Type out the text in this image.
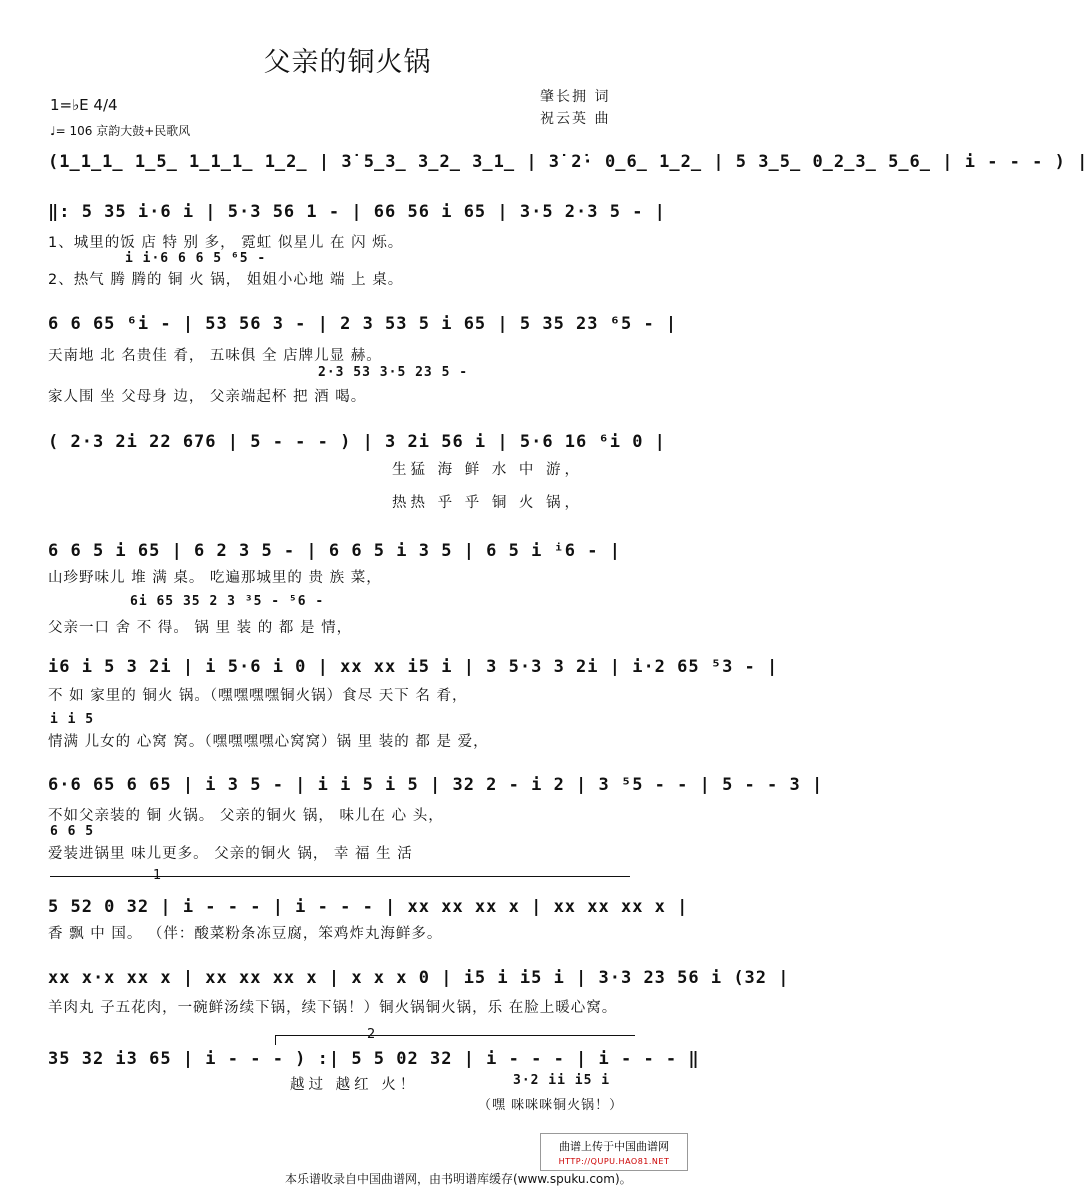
父亲的铜火锅
1=♭E 4/4
♩= 106 京韵大鼓+民歌风
肇长拥 词
祝云英 曲
(1̲1̲1̲ 1̲5̲ 1̲1̲1̲ 1̲2̲ | 3̇ 5̲3̲ 3̲2̲ 3̲1̲ | 3̇ 2̇· 0̲6̲ 1̲2̲ | 5 3̲5̲ 0̲2̲3̲ 5̲6̲ | i - - - ) |
‖: 5 35 i·6 i | 5·3 56 1 - | 66 56 i 65 | 3·5 2·3 5 - |
1、城里的饭 店 特 别 多， 霓虹 似星儿 在 闪 烁。
i i·6 6 6 5 ⁶5 -
2、热气 腾 腾的 铜 火 锅， 姐姐小心地 端 上 桌。
6 6 65 ⁶i - | 53 56 3 - | 2 3 53 5 i 65 | 5 35 23 ⁶5 - |
天南地 北 名贵佳 肴， 五味俱 全 店牌儿显 赫。
2·3 53 3·5 23 5 -
家人围 坐 父母身 边， 父亲端起杯 把 酒 喝。
( 2·3 2i 22 676 | 5 - - - ) | 3 2i 56 i | 5·6 16 ⁶i 0 |
生猛 海 鲜 水 中 游，
热热 乎 乎 铜 火 锅，
6 6 5 i 65 | 6 2 3 5 - | 6 6 5 i 3 5 | 6 5 i ⁱ6 - |
山珍野味儿 堆 满 桌。 吃遍那城里的 贵 族 菜，
6i 65 35 2 3 ³5 - ⁵6 -
父亲一口 舍 不 得。 锅 里 装 的 都 是 情，
i6 i 5 3 2i | i 5·6 i 0 | xx xx i5 i | 3 5·3 3 2i | i·2 65 ⁵3 - |
不 如 家里的 铜火 锅。（嘿嘿嘿嘿铜火锅）食尽 天下 名 肴，
i i 5
情满 儿女的 心窝 窝。（嘿嘿嘿嘿心窝窝）锅 里 装的 都 是 爱，
6·6 65 6 65 | i 3 5 - | i i 5 i 5 | 32 2 - i 2 | 3 ⁵5 - - | 5 - - 3 |
不如父亲装的 铜 火锅。 父亲的铜火 锅， 味儿在 心 头，
6 6 5
爱装进锅里 味儿更多。 父亲的铜火 锅， 幸 福 生 活
1
5 52 0 32 | i - - - | i - - - | xx xx xx x | xx xx xx x |
香 飘 中 国。 （伴：酸菜粉条冻豆腐，笨鸡炸丸海鲜多。
xx x·x xx x | xx xx xx x | x x x 0 | i5 i i5 i | 3·3 23 56 i (32 |
羊肉丸 子五花肉，一碗鲜汤续下锅，续下锅！）铜火锅铜火锅，乐 在脸上暖心窝。
2
35 32 i3 65 | i - - - ) :| 5 5 02 32 | i - - - | i - - - ‖
越过 越红 火！	3·2 ii i5 i
（嘿 咪咪咪铜火锅！）
曲谱上传于中国曲谱网
HTTP://QUPU.HAO81.NET
本乐谱收录自中国曲谱网，由书明谱库缓存(www.spuku.com)。
